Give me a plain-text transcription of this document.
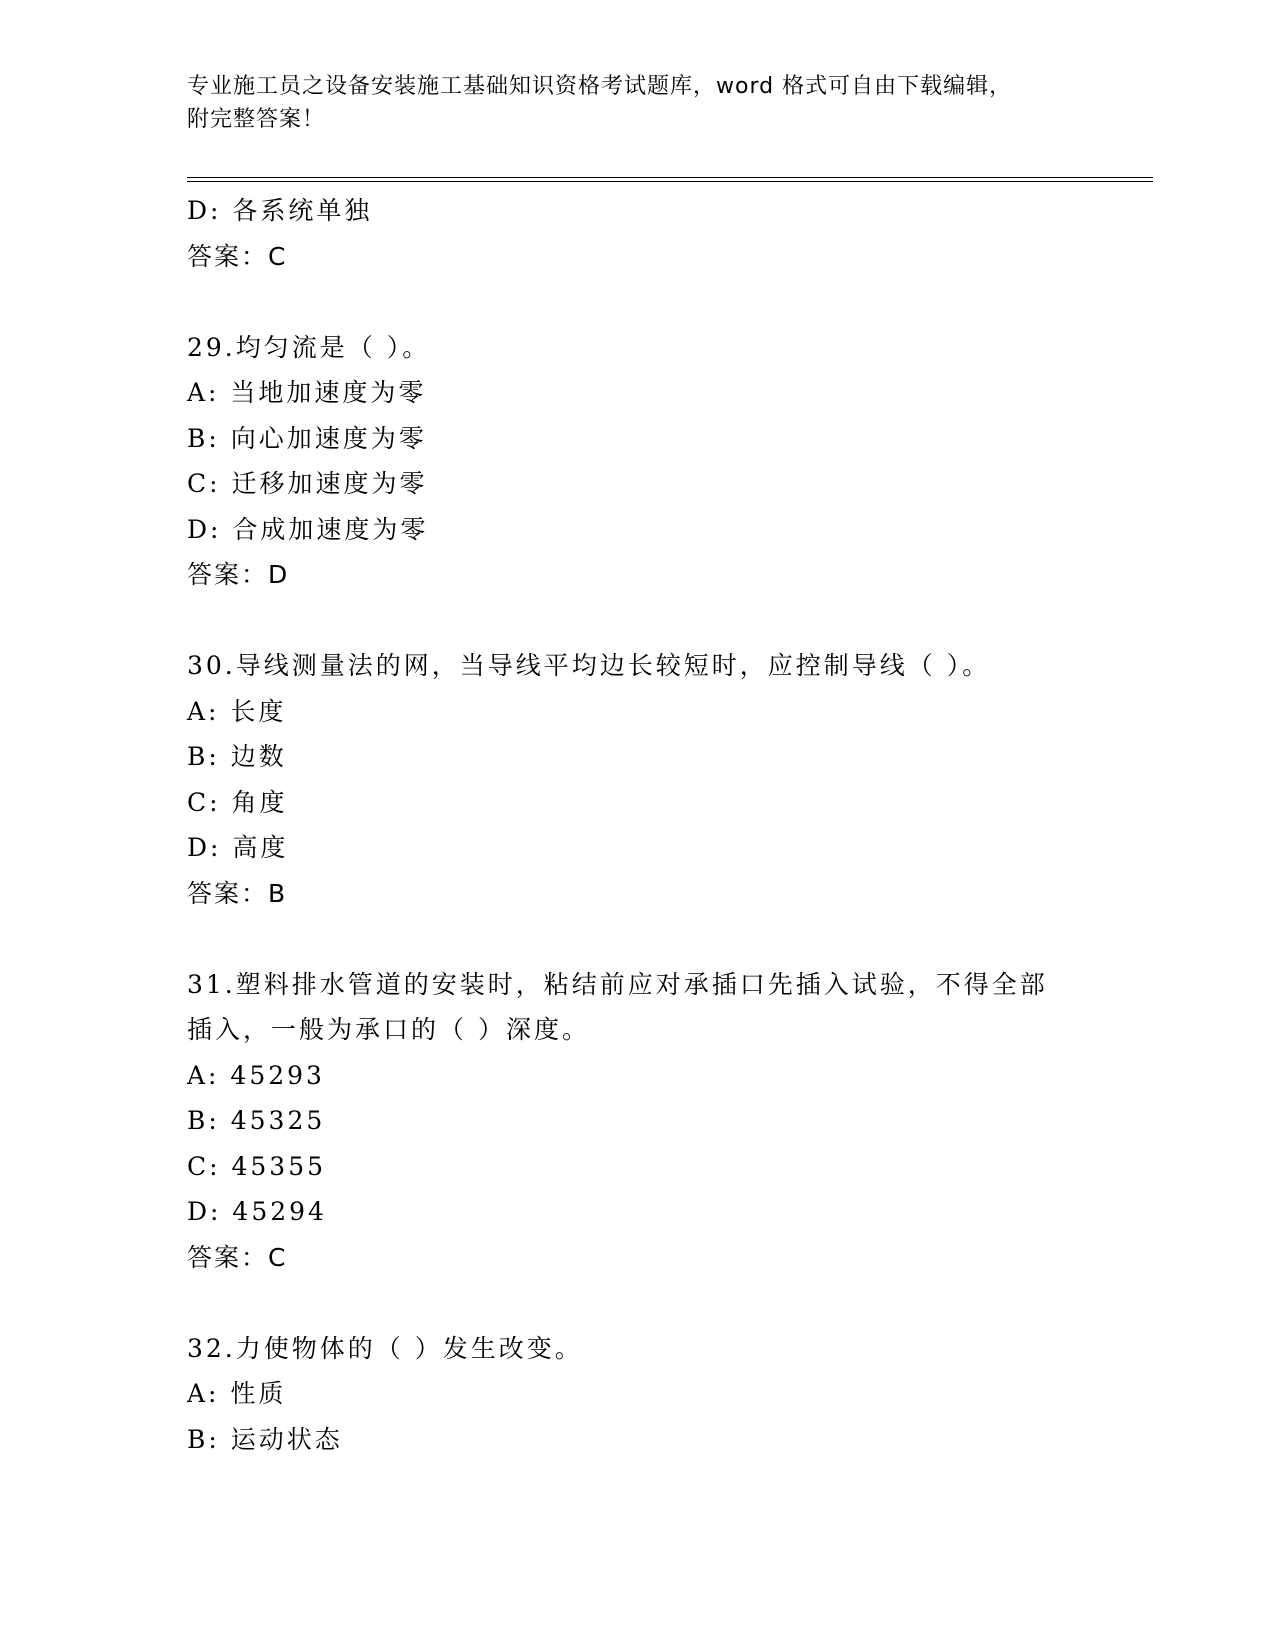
专业施工员之设备安装施工基础知识资格考试题库，word 格式可自由下载编辑，
附完整答案！
D: 各系统单独
答案：C
29.均匀流是（ ）。
A: 当地加速度为零
B: 向心加速度为零
C: 迁移加速度为零
D: 合成加速度为零
答案：D
30.导线测量法的网，当导线平均边长较短时，应控制导线（ ）。
A: 长度
B: 边数
C: 角度
D: 高度
答案：B
31.塑料排水管道的安装时，粘结前应对承插口先插入试验，不得全部
插入，一般为承口的（ ）深度。
A: 45293
B: 45325
C: 45355
D: 45294
答案：C
32.力使物体的（ ）发生改变。
A: 性质
B: 运动状态
